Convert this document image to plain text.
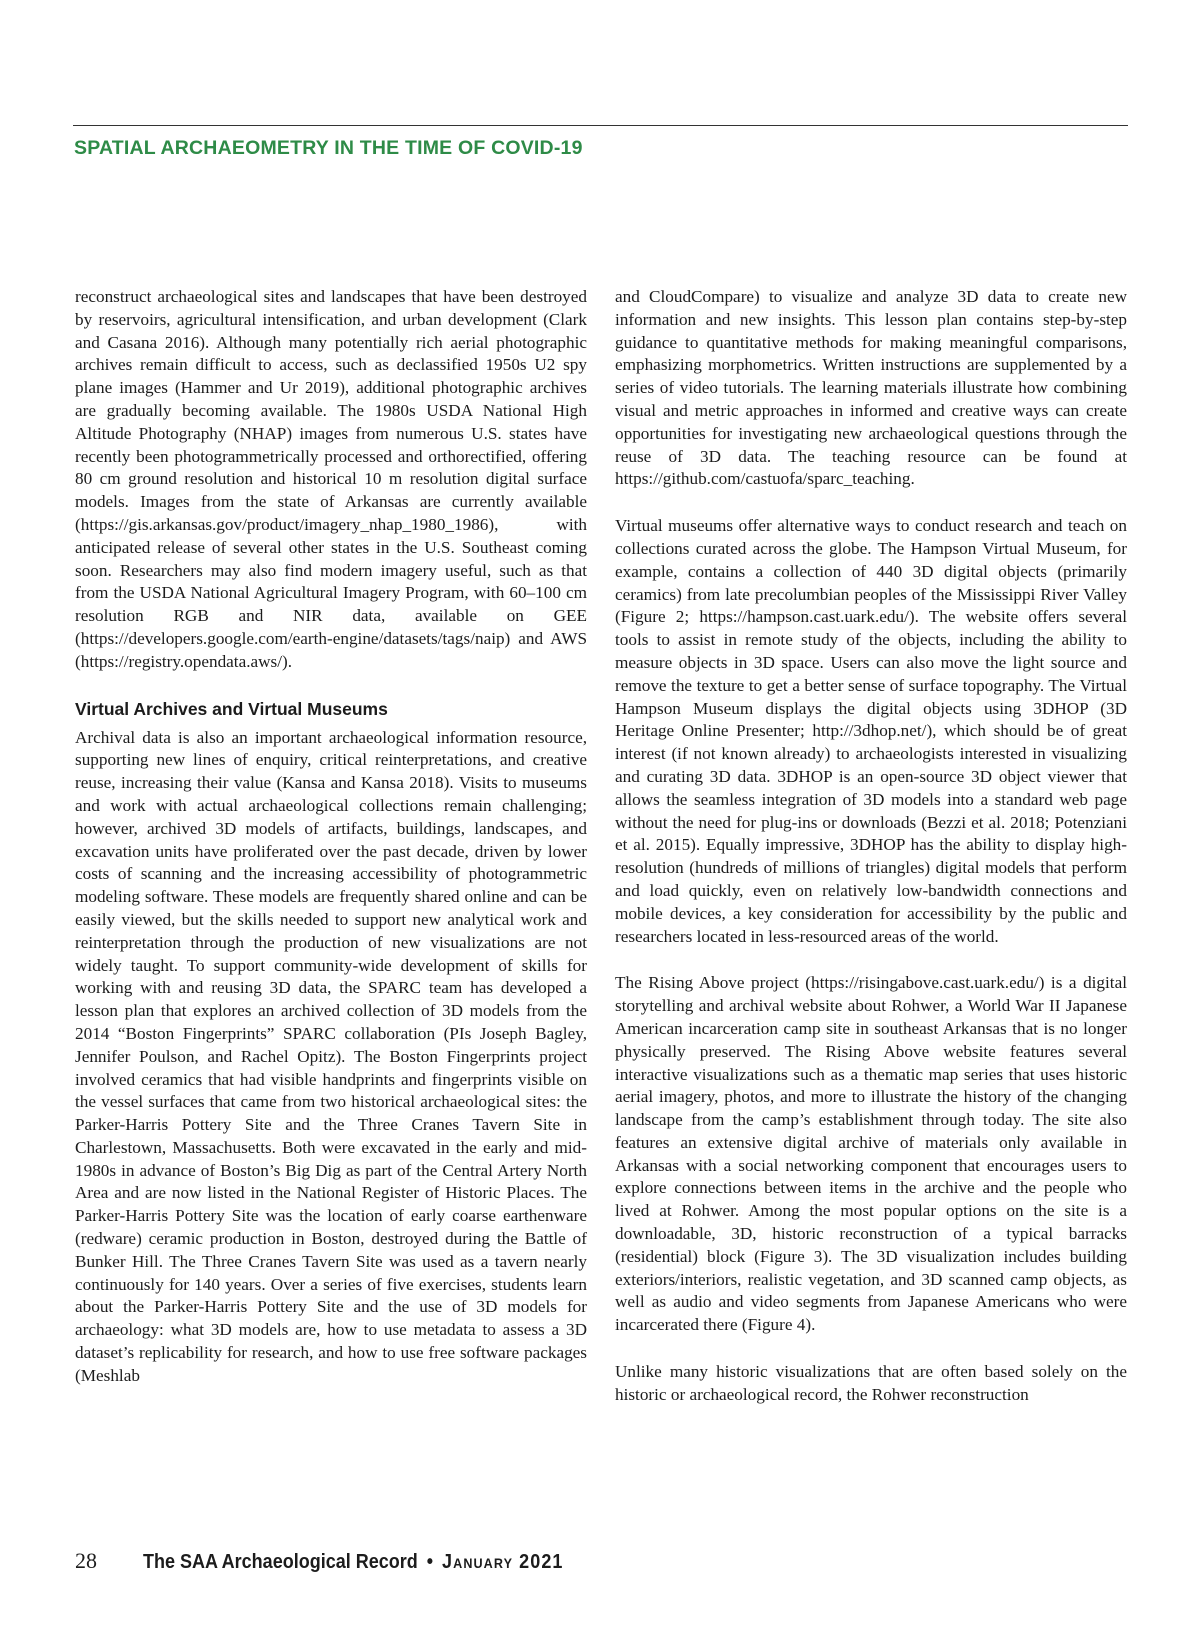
SPATIAL ARCHAEOMETRY IN THE TIME OF COVID-19

reconstruct archaeological sites and landscapes that have been destroyed by reservoirs, agricultural intensification, and urban development (Clark and Casana 2016). Although many potentially rich aerial photographic archives remain difficult to access, such as declassified 1950s U2 spy plane images (Hammer and Ur 2019), additional photographic archives are gradually becoming available. The 1980s USDA National High Altitude Photography (NHAP) images from numerous U.S. states have recently been photogrammetrically processed and orthorectified, offering 80 cm ground resolution and historical 10 m resolution digital surface models. Images from the state of Arkansas are currently available (https://gis.arkansas.gov/product/imagery_nhap_1980_1986), with anticipated release of several other states in the U.S. Southeast coming soon. Researchers may also find modern imagery useful, such as that from the USDA National Agricultural Imagery Program, with 60–100 cm resolution RGB and NIR data, available on GEE (https://developers.google.com/earth-engine/datasets/tags/naip) and AWS (https://registry.opendata.aws/).

Virtual Archives and Virtual Museums

Archival data is also an important archaeological information resource, supporting new lines of enquiry, critical reinterpretations, and creative reuse, increasing their value (Kansa and Kansa 2018). Visits to museums and work with actual archaeological collections remain challenging; however, archived 3D models of artifacts, buildings, landscapes, and excavation units have proliferated over the past decade, driven by lower costs of scanning and the increasing accessibility of photogrammetric modeling software. These models are frequently shared online and can be easily viewed, but the skills needed to support new analytical work and reinterpretation through the production of new visualizations are not widely taught. To support community-wide development of skills for working with and reusing 3D data, the SPARC team has developed a lesson plan that explores an archived collection of 3D models from the 2014 “Boston Fingerprints” SPARC collaboration (PIs Joseph Bagley, Jennifer Poulson, and Rachel Opitz). The Boston Fingerprints project involved ceramics that had visible handprints and fingerprints visible on the vessel surfaces that came from two historical archaeological sites: the Parker-Harris Pottery Site and the Three Cranes Tavern Site in Charlestown, Massachusetts. Both were excavated in the early and mid-1980s in advance of Boston’s Big Dig as part of the Central Artery North Area and are now listed in the National Register of Historic Places. The Parker-Harris Pottery Site was the location of early coarse earthenware (redware) ceramic production in Boston, destroyed during the Battle of Bunker Hill. The Three Cranes Tavern Site was used as a tavern nearly continuously for 140 years. Over a series of five exercises, students learn about the Parker-Harris Pottery Site and the use of 3D models for archaeology: what 3D models are, how to use metadata to assess a 3D dataset’s replicability for research, and how to use free software packages (Meshlab

and CloudCompare) to visualize and analyze 3D data to create new information and new insights. This lesson plan contains step-by-step guidance to quantitative methods for making meaningful comparisons, emphasizing morphometrics. Written instructions are supplemented by a series of video tutorials. The learning materials illustrate how combining visual and metric approaches in informed and creative ways can create opportunities for investigating new archaeological questions through the reuse of 3D data. The teaching resource can be found at https://github.com/castuofa/sparc_teaching.

Virtual museums offer alternative ways to conduct research and teach on collections curated across the globe. The Hampson Virtual Museum, for example, contains a collection of 440 3D digital objects (primarily ceramics) from late precolumbian peoples of the Mississippi River Valley (Figure 2; https://hampson.cast.uark.edu/). The website offers several tools to assist in remote study of the objects, including the ability to measure objects in 3D space. Users can also move the light source and remove the texture to get a better sense of surface topography. The Virtual Hampson Museum displays the digital objects using 3DHOP (3D Heritage Online Presenter; http://3dhop.net/), which should be of great interest (if not known already) to archaeologists interested in visualizing and curating 3D data. 3DHOP is an open-source 3D object viewer that allows the seamless integration of 3D models into a standard web page without the need for plug-ins or downloads (Bezzi et al. 2018; Potenziani et al. 2015). Equally impressive, 3DHOP has the ability to display high-resolution (hundreds of millions of triangles) digital models that perform and load quickly, even on relatively low-bandwidth connections and mobile devices, a key consideration for accessibility by the public and researchers located in less-resourced areas of the world.

The Rising Above project (https://risingabove.cast.uark.edu/) is a digital storytelling and archival website about Rohwer, a World War II Japanese American incarceration camp site in southeast Arkansas that is no longer physically preserved. The Rising Above website features several interactive visualizations such as a thematic map series that uses historic aerial imagery, photos, and more to illustrate the history of the changing landscape from the camp’s establishment through today. The site also features an extensive digital archive of materials only available in Arkansas with a social networking component that encourages users to explore connections between items in the archive and the people who lived at Rohwer. Among the most popular options on the site is a downloadable, 3D, historic reconstruction of a typical barracks (residential) block (Figure 3). The 3D visualization includes building exteriors/interiors, realistic vegetation, and 3D scanned camp objects, as well as audio and video segments from Japanese Americans who were incarcerated there (Figure 4).

Unlike many historic visualizations that are often based solely on the historic or archaeological record, the Rohwer reconstruction

28 The SAA Archaeological Record • January 2021
